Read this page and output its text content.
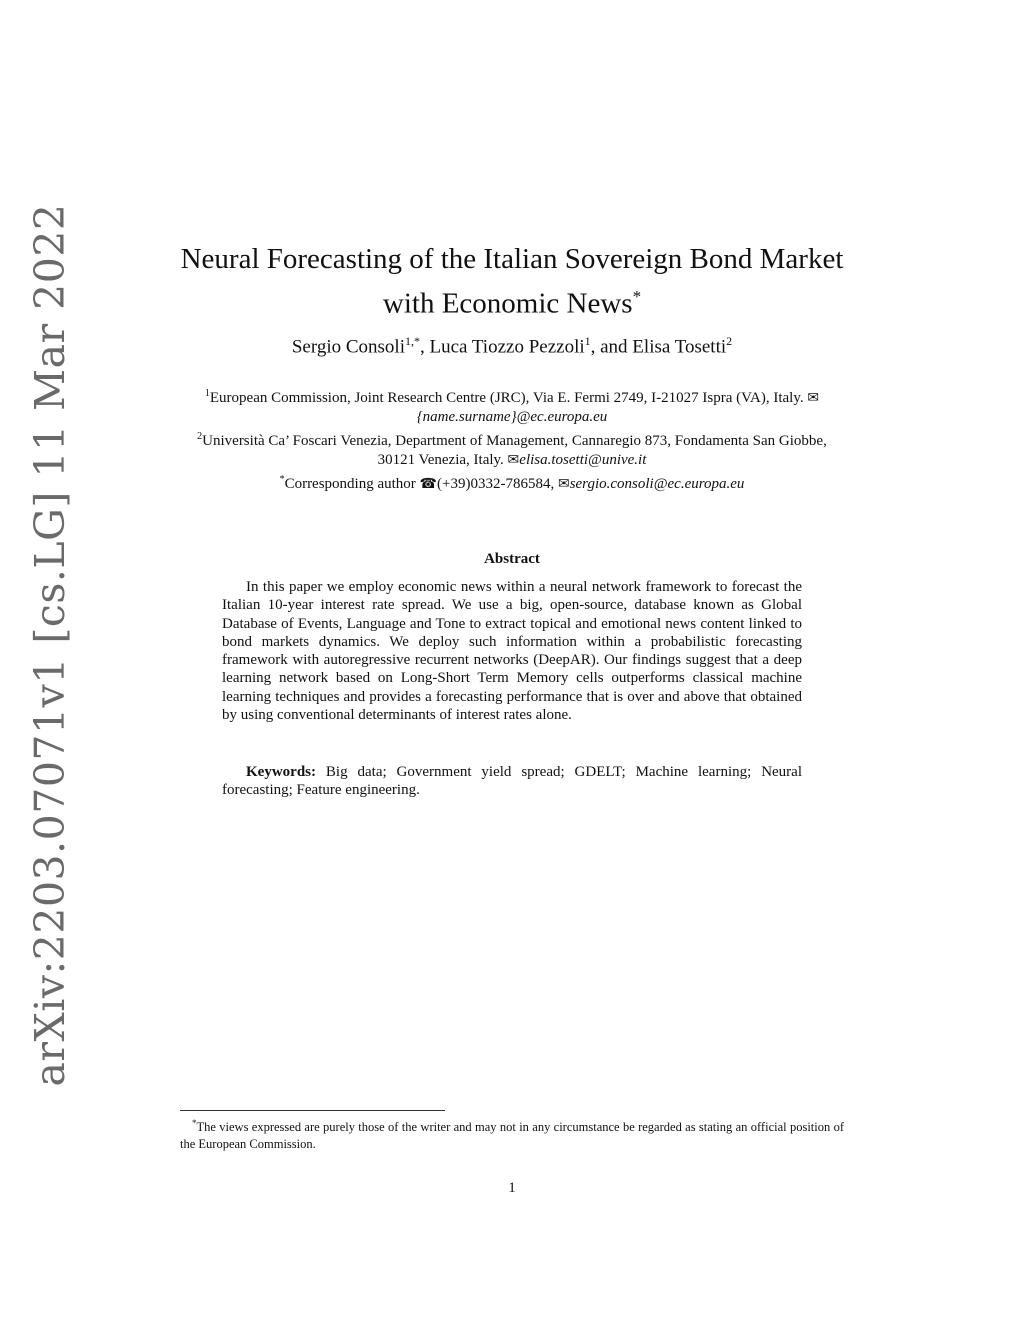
arXiv:2203.07071v1 [cs.LG] 11 Mar 2022	Neural Forecasting of the Italian Sovereign Bond Market
with Economic News*
Sergio Consoli$^{1,*}$, Luca Tiozzo Pezzoli$^1$, and Elisa Tosetti$^2$
$^1$European Commission, Joint Research Centre (JRC), Via E. Fermi 2749, I-21027 Ispra (VA), Italy. ✉{name.surname}@ec.europa.eu
$^2$Università Ca’ Foscari Venezia, Department of Management, Cannaregio 873, Fondamenta San Giobbe, 30121 Venezia, Italy. ✉elisa.tosetti@unive.it
*Corresponding author ☎(+39)0332-786584, ✉sergio.consoli@ec.europa.eu
Abstract
In this paper we employ economic news within a neural network framework to forecast the Italian 10-year interest rate spread. We use a big, open-source, database known as Global Database of Events, Language and Tone to extract topical and emotional news content linked to bond markets dynamics. We deploy such information within a probabilistic forecasting framework with autoregressive recurrent networks (DeepAR). Our findings suggest that a deep learning network based on Long-Short Term Memory cells outperforms classical machine learning techniques and provides a forecasting performance that is over and above that obtained by using conventional determinants of interest rates alone.
Keywords: Big data; Government yield spread; GDELT; Machine learning; Neural forecasting; Feature engineering.
*The views expressed are purely those of the writer and may not in any circumstance be regarded as stating an official position of the European Commission.
1
